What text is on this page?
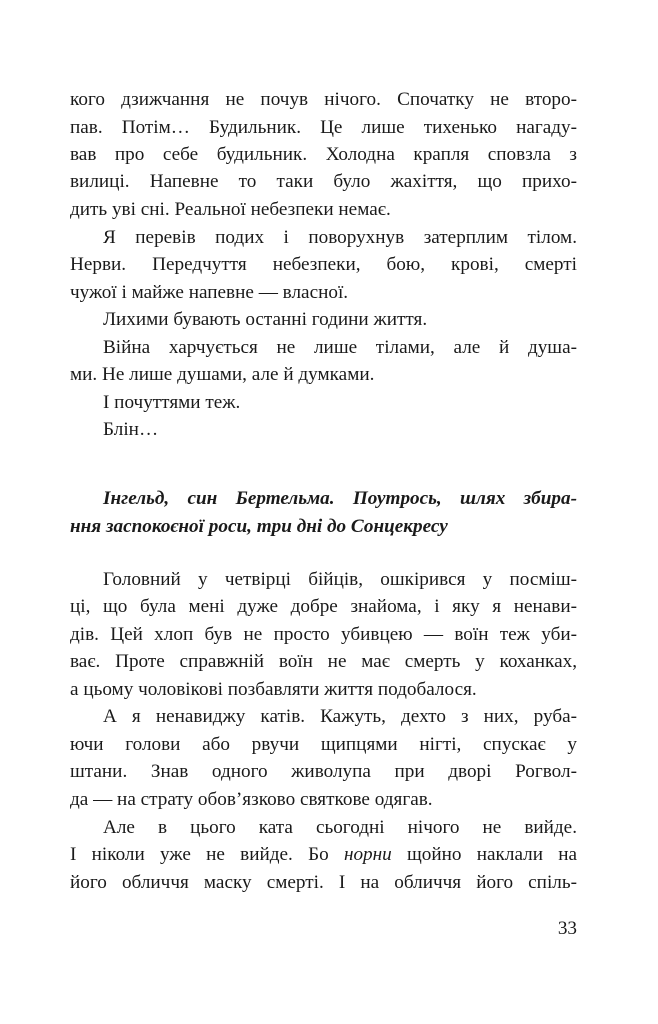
кого дзижчання не почув нічого. Спочатку не второ-
пав. Потім… Будильник. Це лише тихенько нагаду-
вав про себе будильник. Холодна крапля сповзла з
вилиці. Напевне то таки було жахіття, що прихо-
дить уві сні. Реальної небезпеки немає.
Я перевів подих і поворухнув затерплим тілом.
Нерви. Передчуття небезпеки, бою, крові, смерті
чужої і майже напевне — власної.
Лихими бувають останні години життя.
Війна харчується не лише тілами, але й душа-
ми. Не лише душами, але й думками.
І почуттями теж.
Блін…
Інгельд, син Бертельма. Поутрось, шлях збира-
ння заспокоєної роси, три дні до Сонцекресу
Головний у четвірці бійців, ошкірився у посміш-
ці, що була мені дуже добре знайома, і яку я ненави-
дів. Цей хлоп був не просто убивцею — воїн теж уби-
ває. Проте справжній воїн не має смерть у коханках,
а цьому чоловікові позбавляти життя подобалося.
А я ненавиджу катів. Кажуть, дехто з них, руба-
ючи голови або рвучи щипцями нігті, спускає у
штани. Знав одного живолупа при дворі Рогвол-
да — на страту обов’язково святкове одягав.
Але в цього ката сьогодні нічого не вийде.
І ніколи уже не вийде. Бо норни щойно наклали на
його обличчя маску смерті. І на обличчя його спіль-
33
